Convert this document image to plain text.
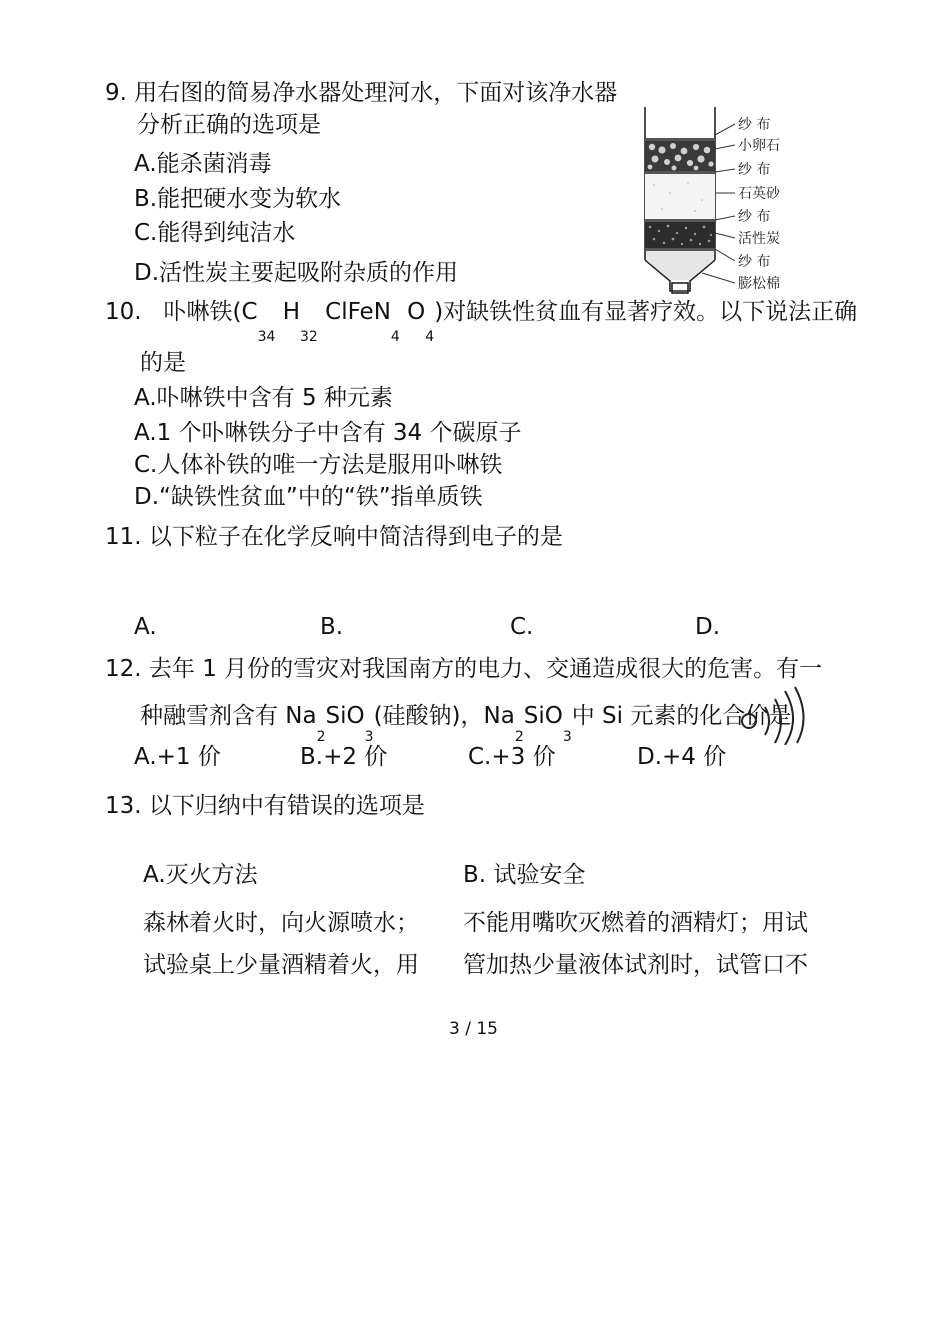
9. 用右图的简易净水器处理河水，下面对该净水器
分析正确的选项是
A.能杀菌消毒
B.能把硬水变为软水
C.能得到纯洁水
D.活性炭主要起吸附杂质的作用
纱 布
小卵石
纱 布
石英砂
纱 布
活性炭
纱 布
膨松棉
10. 卟啉铁($C_{34}$ $H_{32}$ ClFeN$_4$ $O_4$)对缺铁性贫血有显著疗效。以下说法正确
的是
A.卟啉铁中含有 5 种元素
A.1 个卟啉铁分子中含有 34 个碳原子
C.人体补铁的唯一方法是服用卟啉铁
D.“缺铁性贫血”中的“铁”指单质铁
11. 以下粒子在化学反响中简洁得到电子的是
A.	B.	C.	D.
12. 去年 1 月份的雪灾对我国南方的电力、交通造成很大的危害。有一
种融雪剂含有 $Na_2SiO_3$(硅酸钠)，$Na_2SiO_3$中 Si 元素的化合价是
A.+1 价	B.+2 价	C.+3 价	D.+4 价
13. 以下归纳中有错误的选项是
A.灭火方法	B. 试验安全
森林着火时，向火源喷水； 不能用嘴吹灭燃着的酒精灯；用试
试验桌上少量酒精着火，用 管加热少量液体试剂时，试管口不
3 / 15
